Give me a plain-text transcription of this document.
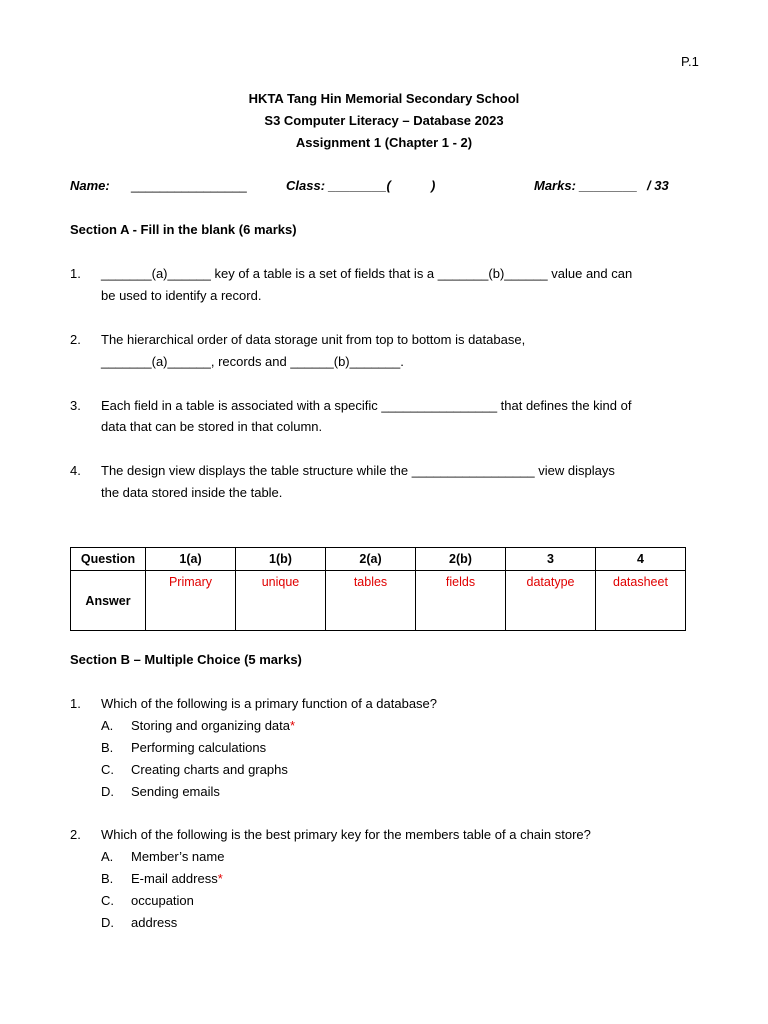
P.1
HKTA Tang Hin Memorial Secondary School
S3 Computer Literacy – Database 2023
Assignment 1 (Chapter 1 - 2)
Name: ________________	Class: ________(	)	Marks: ________ / 33
Section A - Fill in the blank (6 marks)
1. _______(a)______ key of a table is a set of fields that is a _______(b)______ value and can
be used to identify a record.
2. The hierarchical order of data storage unit from top to bottom is database,
_______(a)______, records and ______(b)_______.
3. Each field in a table is associated with a specific ________________ that defines the kind of
data that can be stored in that column.
4. The design view displays the table structure while the _________________ view displays
the data stored inside the table.
Question	1(a)	1(b)	2(a)	2(b)	3	4
Answer	Primary	unique	tables	fields	datatype	datasheet
Section B – Multiple Choice (5 marks)
1. Which of the following is a primary function of a database?
A. Storing and organizing data*
B. Performing calculations
C. Creating charts and graphs
D. Sending emails
2. Which of the following is the best primary key for the members table of a chain store?
A. Member’s name
B. E-mail address*
C. occupation
D. address
